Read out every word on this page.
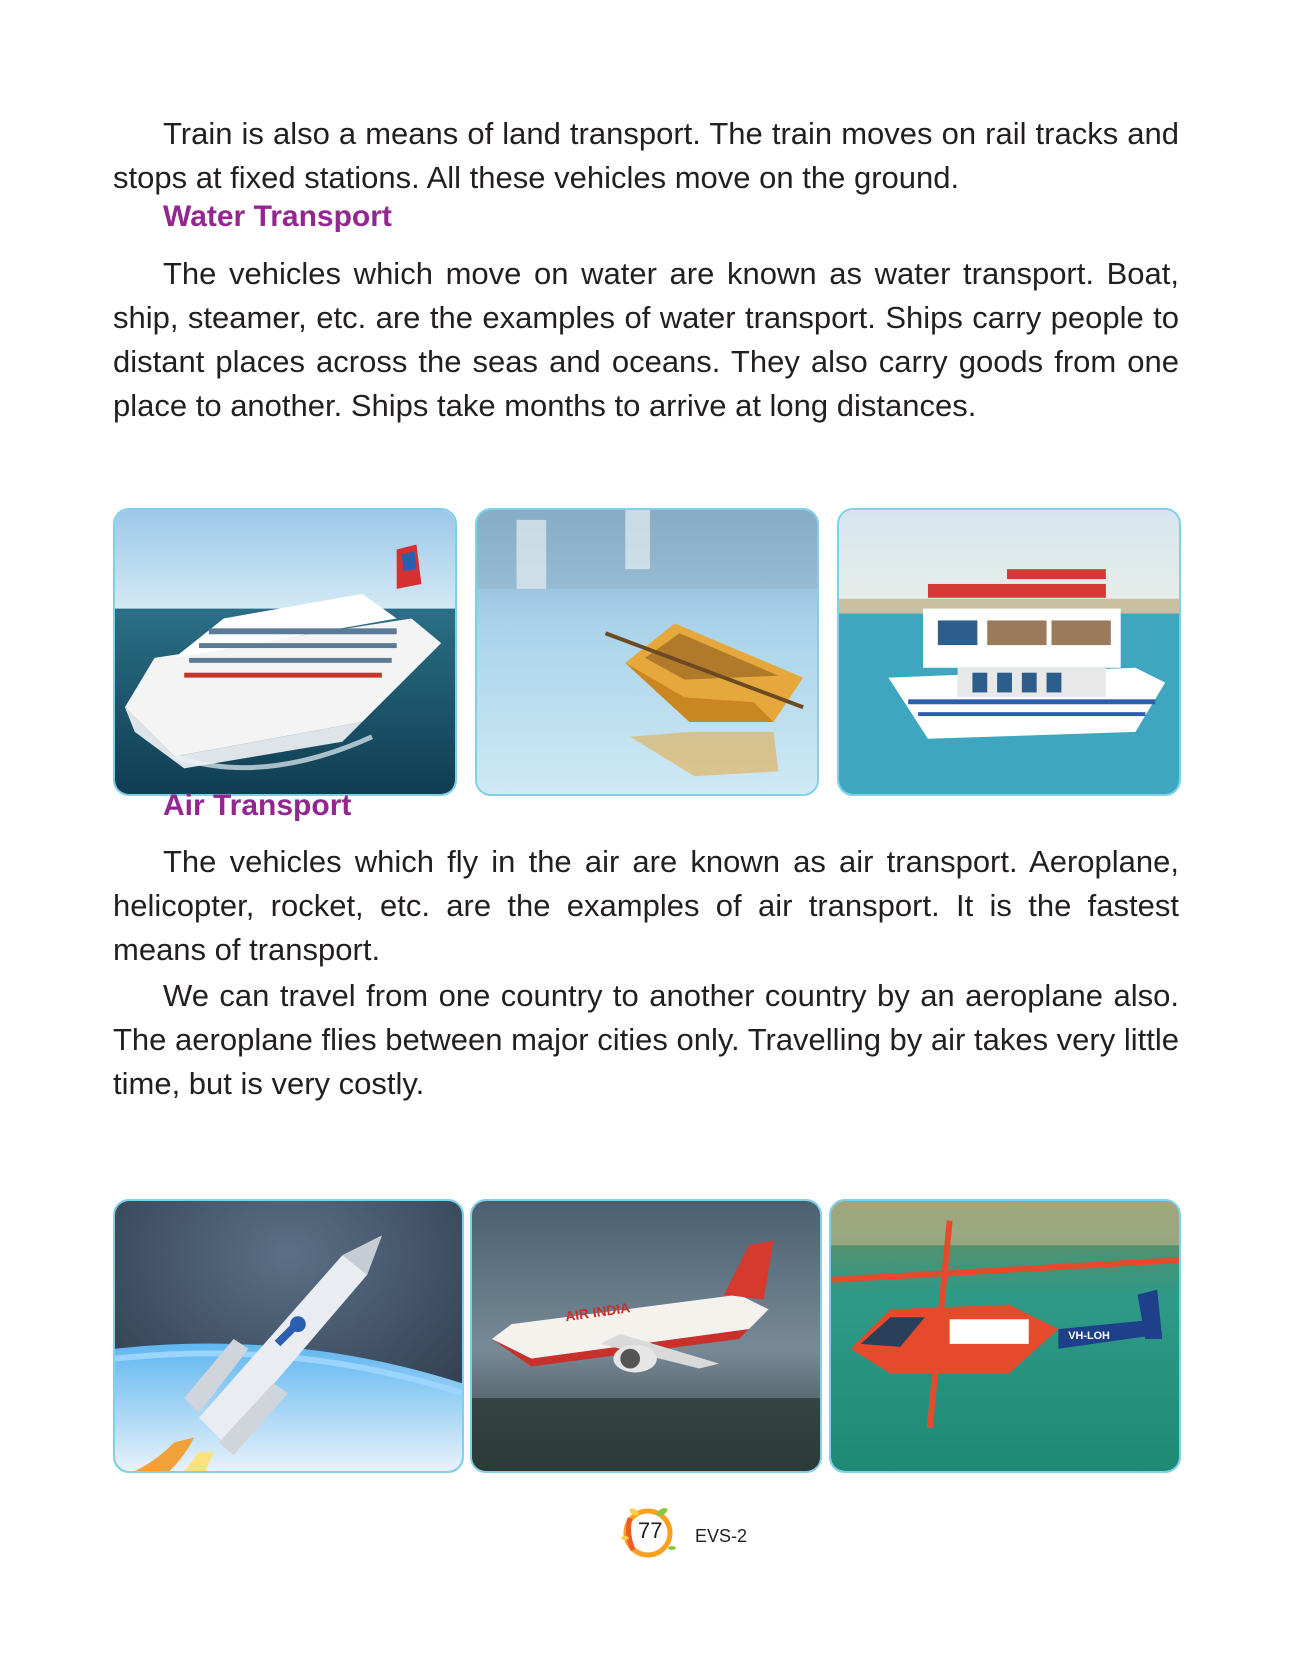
Train is also a means of land transport. The train moves on rail tracks and stops at fixed stations. All these vehicles move on the ground.

Water Transport

The vehicles which move on water are known as water transport. Boat, ship, steamer, etc. are the examples of water transport. Ships carry people to distant places across the seas and oceans. They also carry goods from one place to another. Ships take months to arrive at long distances.

Air Transport

The vehicles which fly in the air are known as air transport. Aeroplane, helicopter, rocket, etc. are the examples of air transport. It is the fastest means of transport.

We can travel from one country to another country by an aeroplane also. The aeroplane flies between major cities only. Travelling by air takes very little time, but is very costly.

AIR INDIA
VH-LOH
77 EVS-2
